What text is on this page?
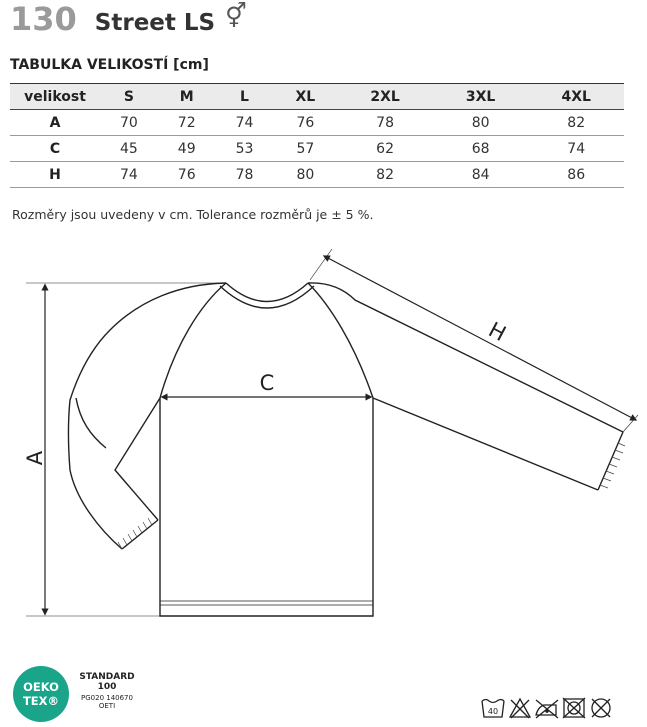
130 Street LS ⚥
TABULKA VELIKOSTÍ [cm]
velikost	S	M	L	XL	2XL	3XL	4XL
A	70	72	74	76	78	80	82
C	45	49	53	57	62	68	74
H	74	76	78	80	82	84	86
Rozměry jsou uvedeny v cm. Tolerance rozměrů je ± 5 %.
A
C
H
OEKO
TEX®
STANDARD
100
PG020 140670
OETI
40
